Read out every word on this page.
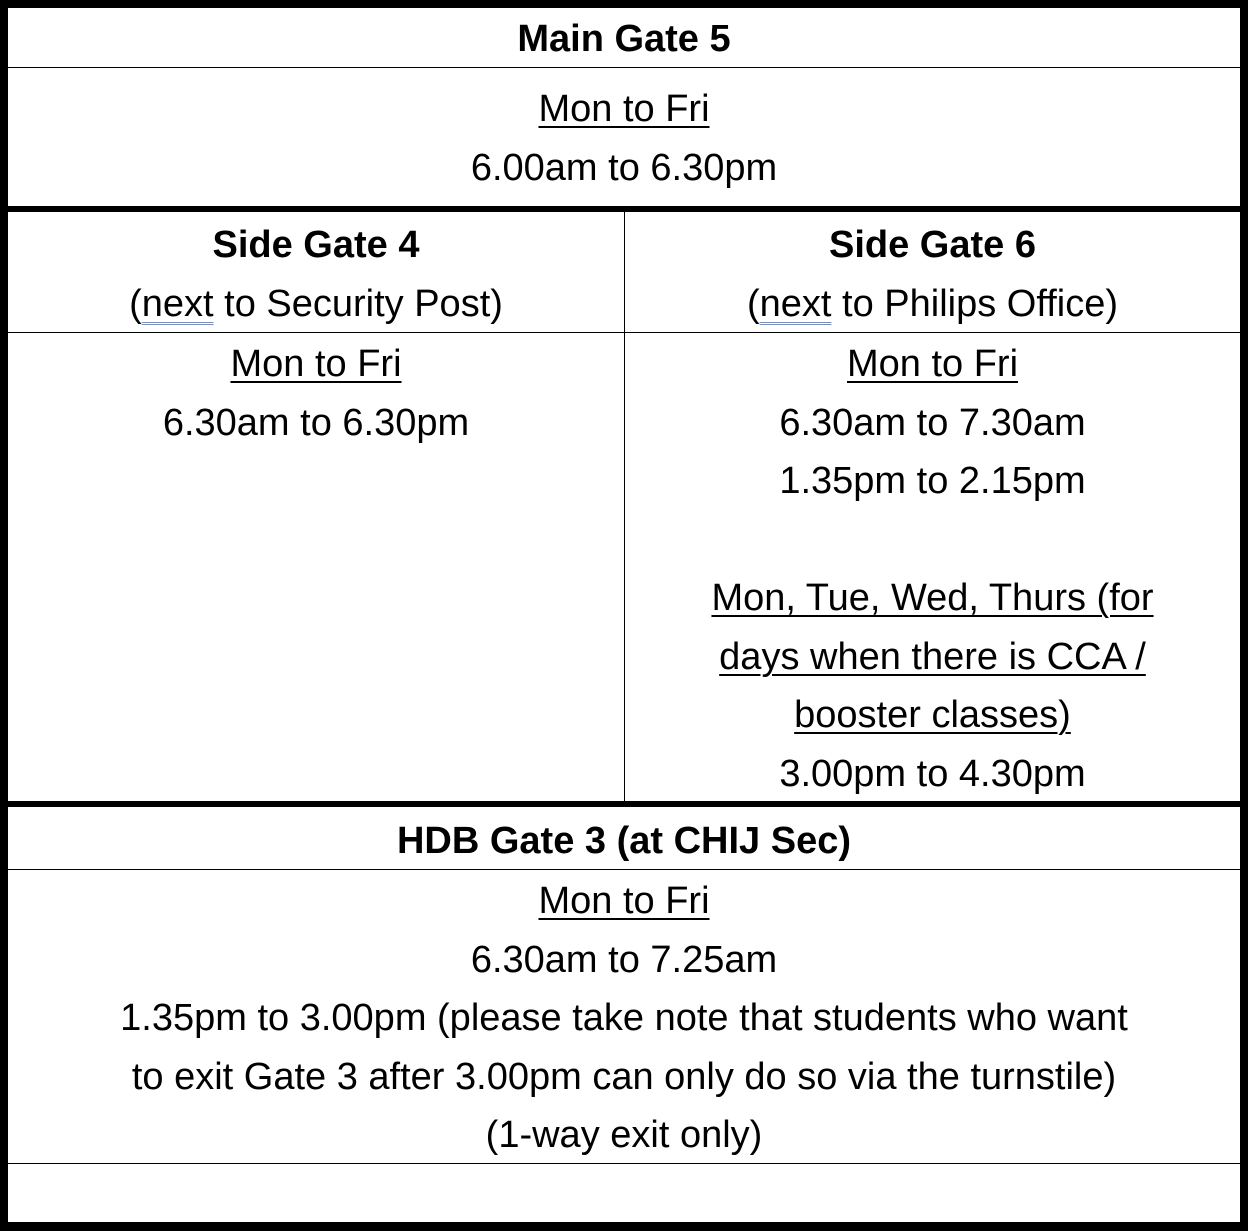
Main Gate 5
Mon to Fri
6.00am to 6.30pm
Side Gate 4
(next to Security Post)
Side Gate 6
(next to Philips Office)
Mon to Fri
6.30am to 6.30pm
Mon to Fri
6.30am to 7.30am
1.35pm to 2.15pm

Mon, Tue, Wed, Thurs (for
days when there is CCA /
booster classes)
3.00pm to 4.30pm
HDB Gate 3 (at CHIJ Sec)
Mon to Fri
6.30am to 7.25am
1.35pm to 3.00pm (please take note that students who want
to exit Gate 3 after 3.00pm can only do so via the turnstile)
(1-way exit only)
